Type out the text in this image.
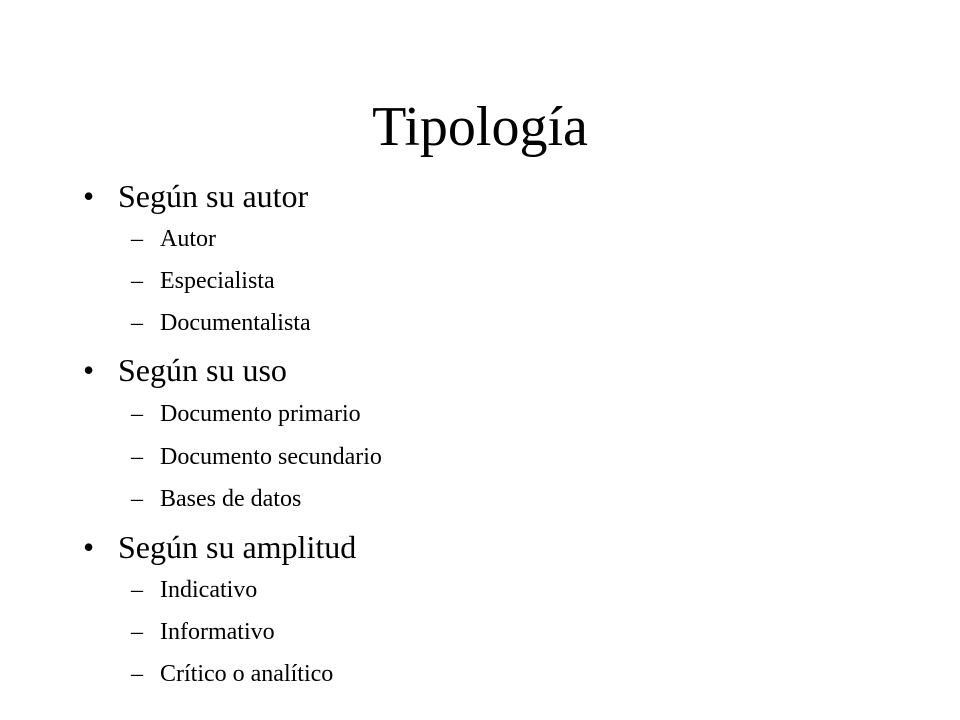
Tipología
• Según su autor
– Autor
– Especialista
– Documentalista
• Según su uso
– Documento primario
– Documento secundario
– Bases de datos
• Según su amplitud
– Indicativo
– Informativo
– Crítico o analítico
